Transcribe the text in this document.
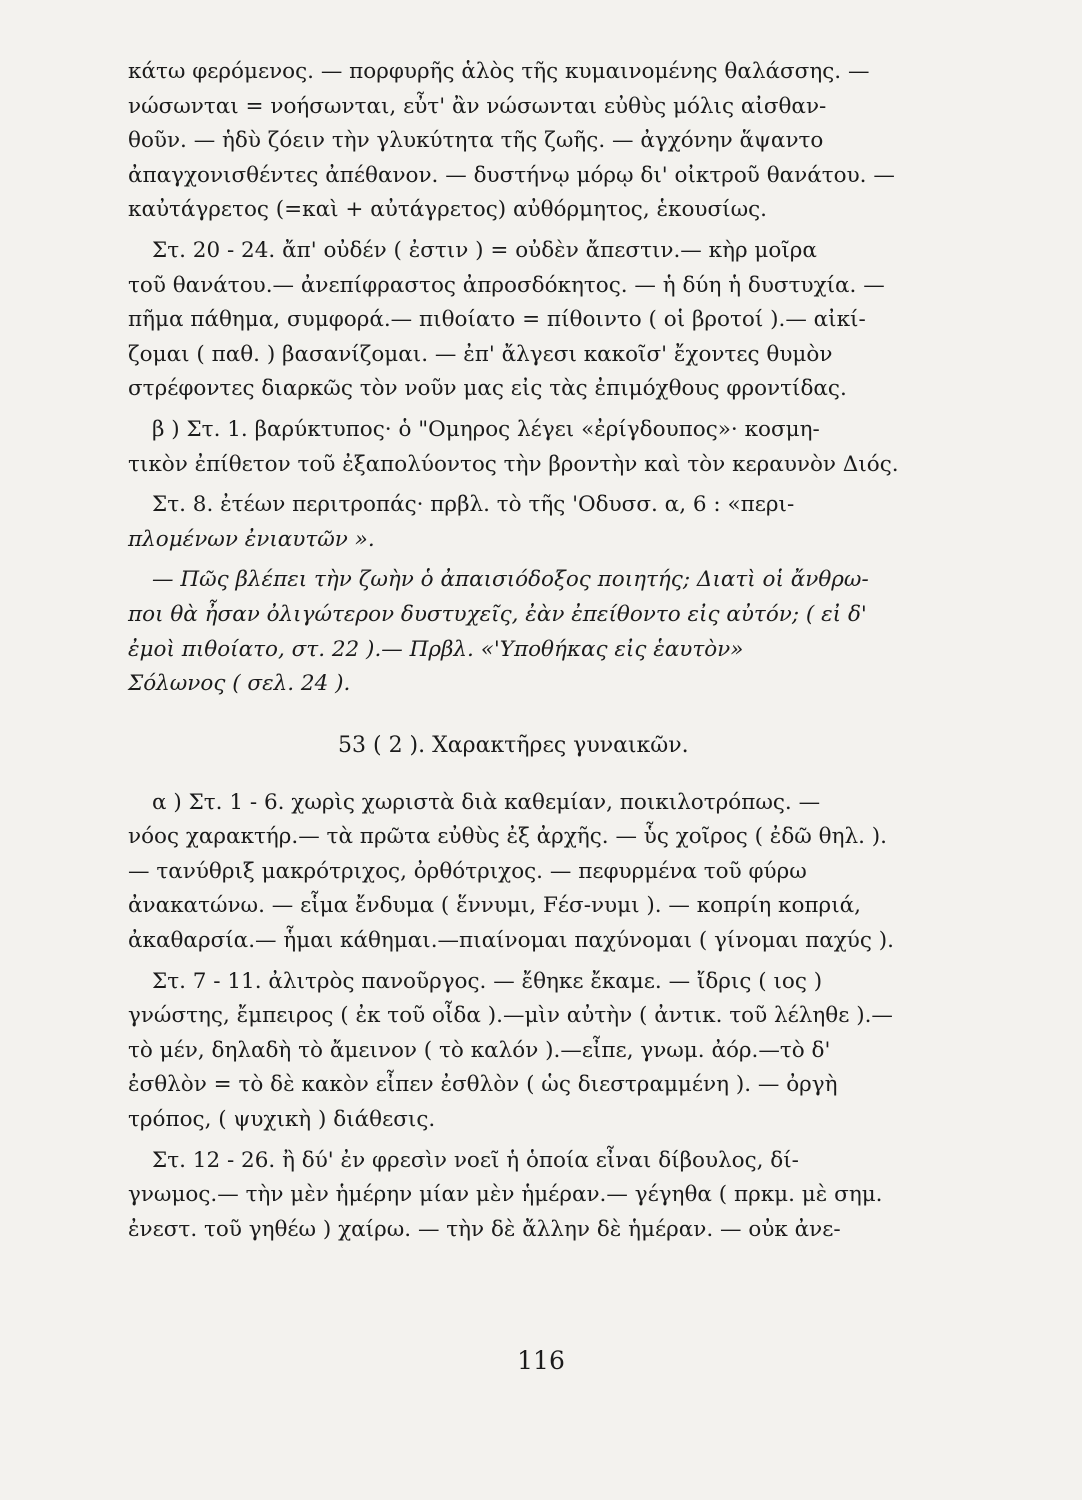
κάτω φερόμενος. — πορφυρῆς ἁλὸς τῆς κυμαινομένης θαλάσσης. —
νώσωνται = νοήσωνται, εὖτ' ἂν νώσωνται εὐθὺς μόλις αἰσθαν-
θοῦν. — ἡδὺ ζόειν τὴν γλυκύτητα τῆς ζωῆς. — ἀγχόνην ἅψαντο
ἀπαγχονισθέντες ἀπέθανον. — δυστήνῳ μόρῳ δι' οἰκτροῦ θανάτου. —
καὐτάγρετος (=καὶ + αὐτάγρετος) αὐθόρμητος, ἑκουσίως.

Στ. 20 - 24. ἄπ' οὐδέν ( ἐστιν ) = οὐδὲν ἄπεστιν.— κὴρ μοῖρα
τοῦ θανάτου.— ἀνεπίφραστος ἀπροσδόκητος. — ἡ δύη ἡ δυστυχία. —
πῆμα πάθημα, συμφορά.— πιθοίατο = πίθοιντο ( οἱ βροτοί ).— αἰκί-
ζομαι ( παθ. ) βασανίζομαι. — ἐπ' ἄλγεσι κακοῖσ' ἔχοντες θυμὸν
στρέφοντες διαρκῶς τὸν νοῦν μας εἰς τὰς ἐπιμόχθους φροντίδας.

β ) Στ. 1. βαρύκτυπος· ὁ "Ομηρος λέγει «ἐρίγδουπος»· κοσμη-
τικὸν ἐπίθετον τοῦ ἐξαπολύοντος τὴν βροντὴν καὶ τὸν κεραυνὸν Διός.

Στ. 8. ἐτέων περιτροπάς· πρβλ. τὸ τῆς 'Οδυσσ. α, 6 : «περι-
πλομένων ἐνιαυτῶν ».

— Πῶς βλέπει τὴν ζωὴν ὁ ἀπαισιόδοξος ποιητής; Διατὶ οἱ ἄνθρω-
ποι θὰ ἦσαν ὀλιγώτερον δυστυχεῖς, ἐὰν ἐπείθοντο εἰς αὐτόν; ( εἰ δ'
ἐμοὶ πιθοίατο, στ. 22 ).— Πρβλ. «'Υποθήκας εἰς ἑαυτὸν»
Σόλωνος ( σελ. 24 ).

53 ( 2 ). Χαρακτῆρες γυναικῶν.

α ) Στ. 1 - 6. χωρὶς χωριστὰ διὰ καθεμίαν, ποικιλοτρόπως. —
νόος χαρακτήρ.— τὰ πρῶτα εὐθὺς ἐξ ἀρχῆς. — ὗς χοῖρος ( ἐδῶ θηλ. ).
— τανύθριξ μακρότριχος, ὀρθότριχος. — πεφυρμένα τοῦ φύρω
ἀνακατώνω. — εἷμα ἔνδυμα ( ἕννυμι, Fέσ-νυμι ). — κοπρίη κοπριά,
ἀκαθαρσία.— ἧμαι κάθημαι.—πιαίνομαι παχύνομαι ( γίνομαι παχύς ).

Στ. 7 - 11. ἀλιτρὸς πανοῦργος. — ἔθηκε ἔκαμε. — ἴδρις ( ιος )
γνώστης, ἔμπειρος ( ἐκ τοῦ οἶδα ).—μὶν αὐτὴν ( ἀντικ. τοῦ λέληθε ).—
τὸ μέν, δηλαδὴ τὸ ἄμεινον ( τὸ καλόν ).—εἶπε, γνωμ. ἀόρ.—τὸ δ'
ἐσθλὸν = τὸ δὲ κακὸν εἶπεν ἐσθλὸν ( ὡς διεστραμμένη ). — ὀργὴ
τρόπος, ( ψυχικὴ ) διάθεσις.

Στ. 12 - 26. ἢ δύ' ἐν φρεσὶν νοεῖ ἡ ὁποία εἶναι δίβουλος, δί-
γνωμος.— τὴν μὲν ἡμέρην μίαν μὲν ἡμέραν.— γέγηθα ( πρκμ. μὲ σημ.
ἐνεστ. τοῦ γηθέω ) χαίρω. — τὴν δὲ ἄλλην δὲ ἡμέραν. — οὐκ ἀνε-

116
